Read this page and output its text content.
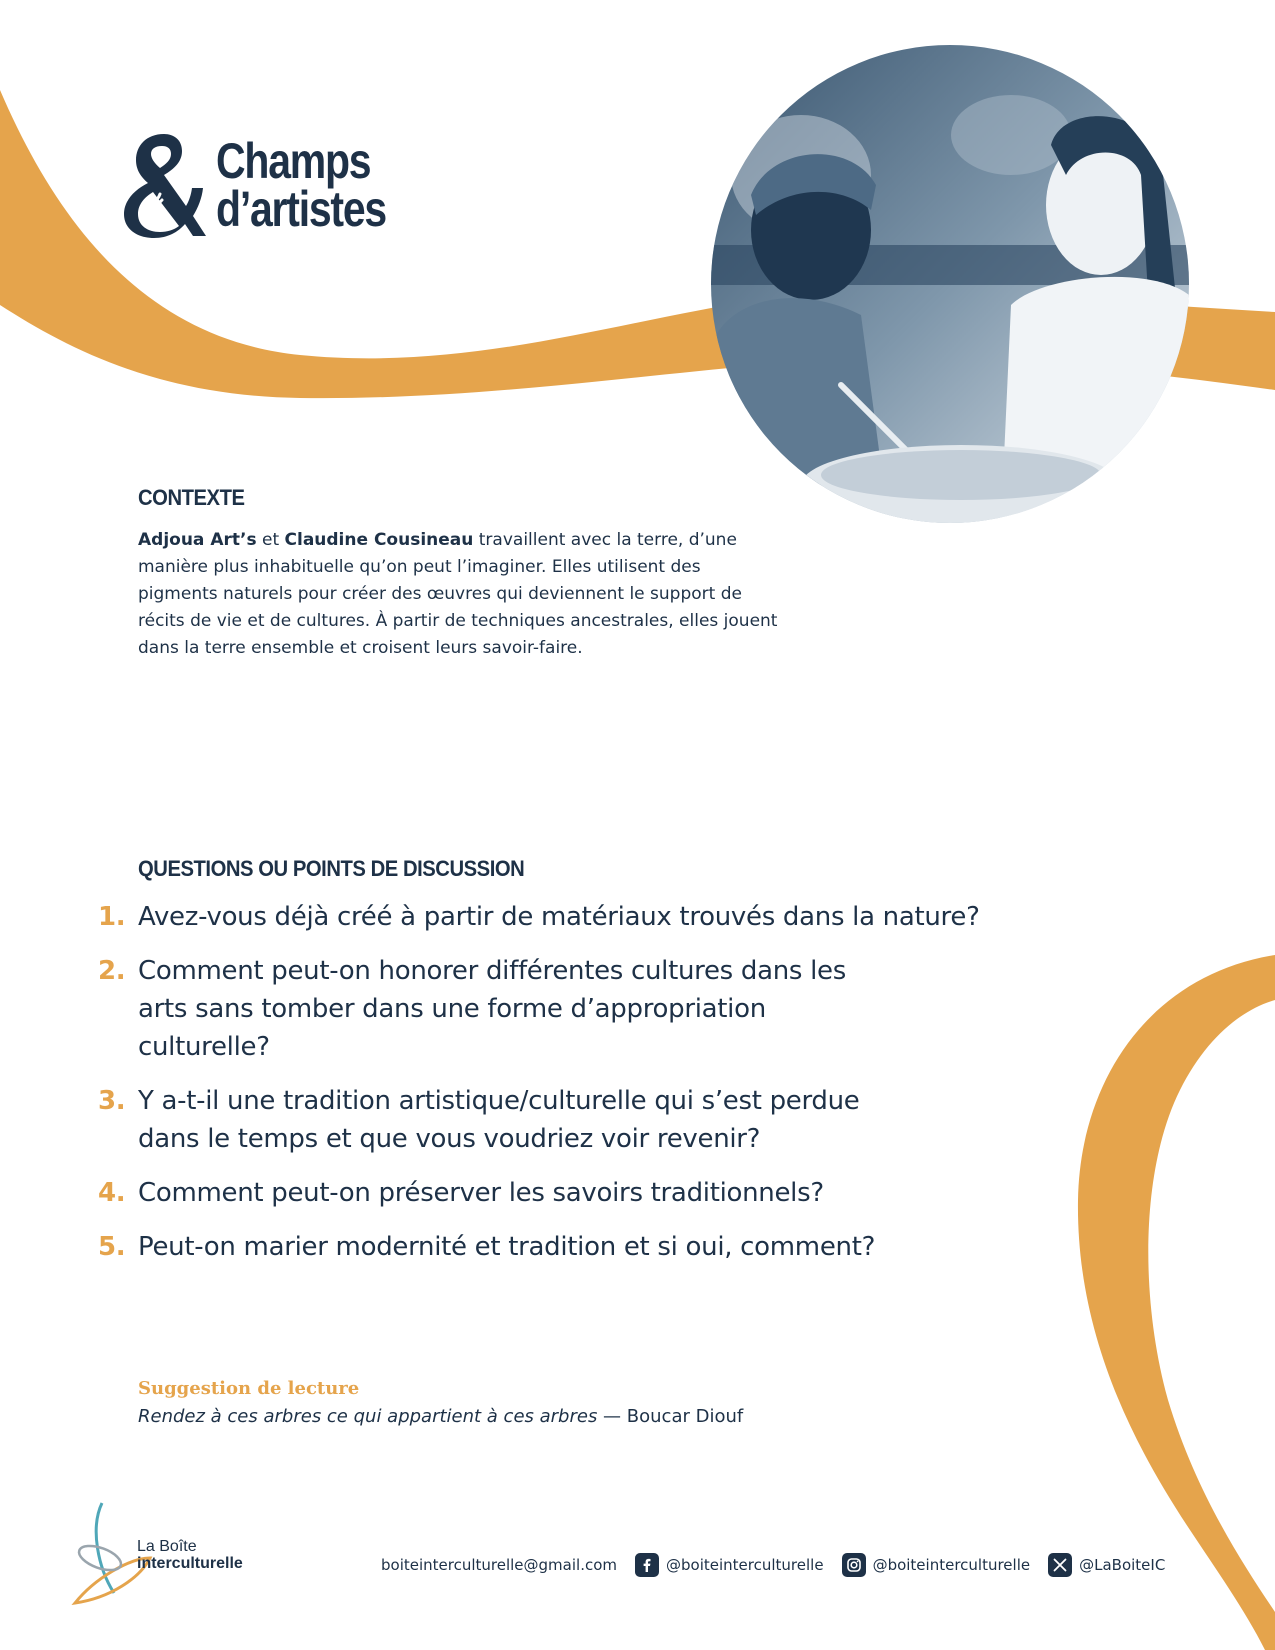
Champs
d’artistes
CONTEXTE
Adjoua Art’s et Claudine Cousineau travaillent avec la terre, d’une manière plus inhabituelle qu’on peut l’imaginer. Elles utilisent des pigments naturels pour créer des œuvres qui deviennent le support de récits de vie et de cultures. À partir de techniques ancestrales, elles jouent dans la terre ensemble et croisent leurs savoir-faire.
QUESTIONS OU POINTS DE DISCUSSION
1. Avez-vous déjà créé à partir de matériaux trouvés dans la nature?
2. Comment peut-on honorer différentes cultures dans les arts sans tomber dans une forme d’appropriation culturelle?
3. Y a-t-il une tradition artistique/culturelle qui s’est perdue dans le temps et que vous voudriez voir revenir?
4. Comment peut-on préserver les savoirs traditionnels?
5. Peut-on marier modernité et tradition et si oui, comment?
Suggestion de lecture
Rendez à ces arbres ce qui appartient à ces arbres — Boucar Diouf
La Boîte
interculturelle	boiteinterculturelle@gmail.com	@boiteinterculturelle	@boiteinterculturelle	@LaBoiteIC
